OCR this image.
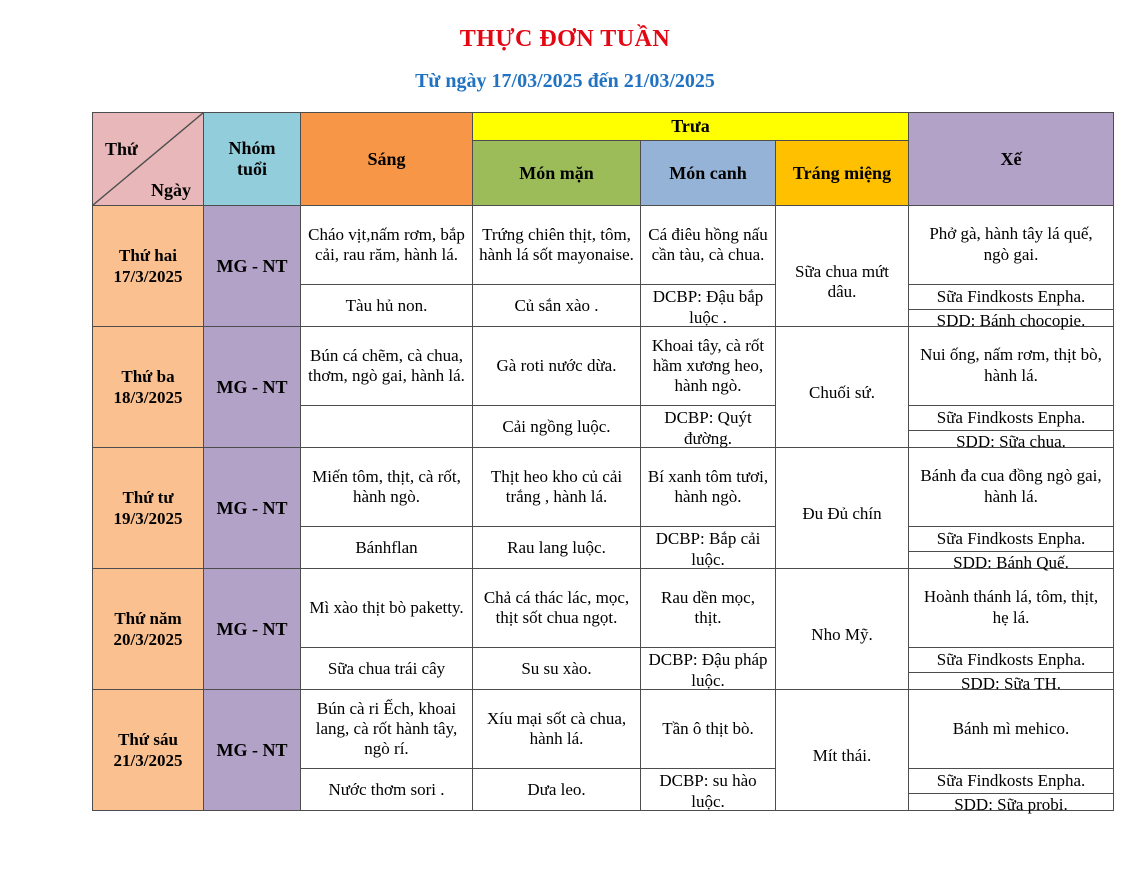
THỰC ĐƠN TUẦN
Từ ngày 17/03/2025 đến 21/03/2025
Thứ
Ngày
Nhóm tuổi
Sáng
Trưa
Món mặn	Món canh	Tráng miệng
Xế
Thứ hai
17/3/2025
MG - NT
Cháo vịt,nấm rơm, bắp cải, rau răm, hành lá.
Tàu hủ non.
Trứng chiên thịt, tôm, hành lá sốt mayonaise.
Củ sắn xào .
Cá điêu hồng nấu cần tàu, cà chua.
DCBP: Đậu bắp luộc .
Sữa chua mứt dâu.
Phở gà, hành tây lá quế, ngò gai.
Sữa Findkosts Enpha.
SDD: Bánh chocopie.
Thứ ba
18/3/2025
MG - NT
Bún cá chẽm, cà chua, thơm, ngò gai, hành lá.
Gà roti nước dừa.
Cải ngồng luộc.
Khoai tây, cà rốt hầm xương heo, hành ngò.
DCBP: Quýt đường.
Chuối sứ.
Nui ống, nấm rơm, thịt bò, hành lá.
Sữa Findkosts Enpha.
SDD: Sữa chua.
Thứ tư
19/3/2025
MG - NT
Miến tôm, thịt, cà rốt, hành ngò.
Bánhflan
Thịt heo kho củ cải trắng , hành lá.
Rau lang luộc.
Bí xanh tôm tươi, hành ngò.
DCBP: Bắp cải luộc.
Đu Đủ chín
Bánh đa cua đồng ngò gai, hành lá.
Sữa Findkosts Enpha.
SDD: Bánh Quế.
Thứ năm
20/3/2025
MG - NT
Mì xào thịt bò paketty.
Sữa chua trái cây
Chả cá thác lác, mọc, thịt sốt chua ngọt.
Su su xào.
Rau dền mọc, thịt.
DCBP: Đậu pháp luộc.
Nho Mỹ.
Hoành thánh lá, tôm, thịt, hẹ lá.
Sữa Findkosts Enpha.
SDD: Sữa TH.
Thứ sáu
21/3/2025
MG - NT
Bún cà ri Ếch, khoai lang, cà rốt hành tây, ngò rí.
Nước thơm sori .
Xíu mại sốt cà chua, hành lá.
Dưa leo.
Tần ô thịt bò.
DCBP: su hào luộc.
Mít thái.
Bánh mì mehico.
Sữa Findkosts Enpha.
SDD: Sữa probi.
